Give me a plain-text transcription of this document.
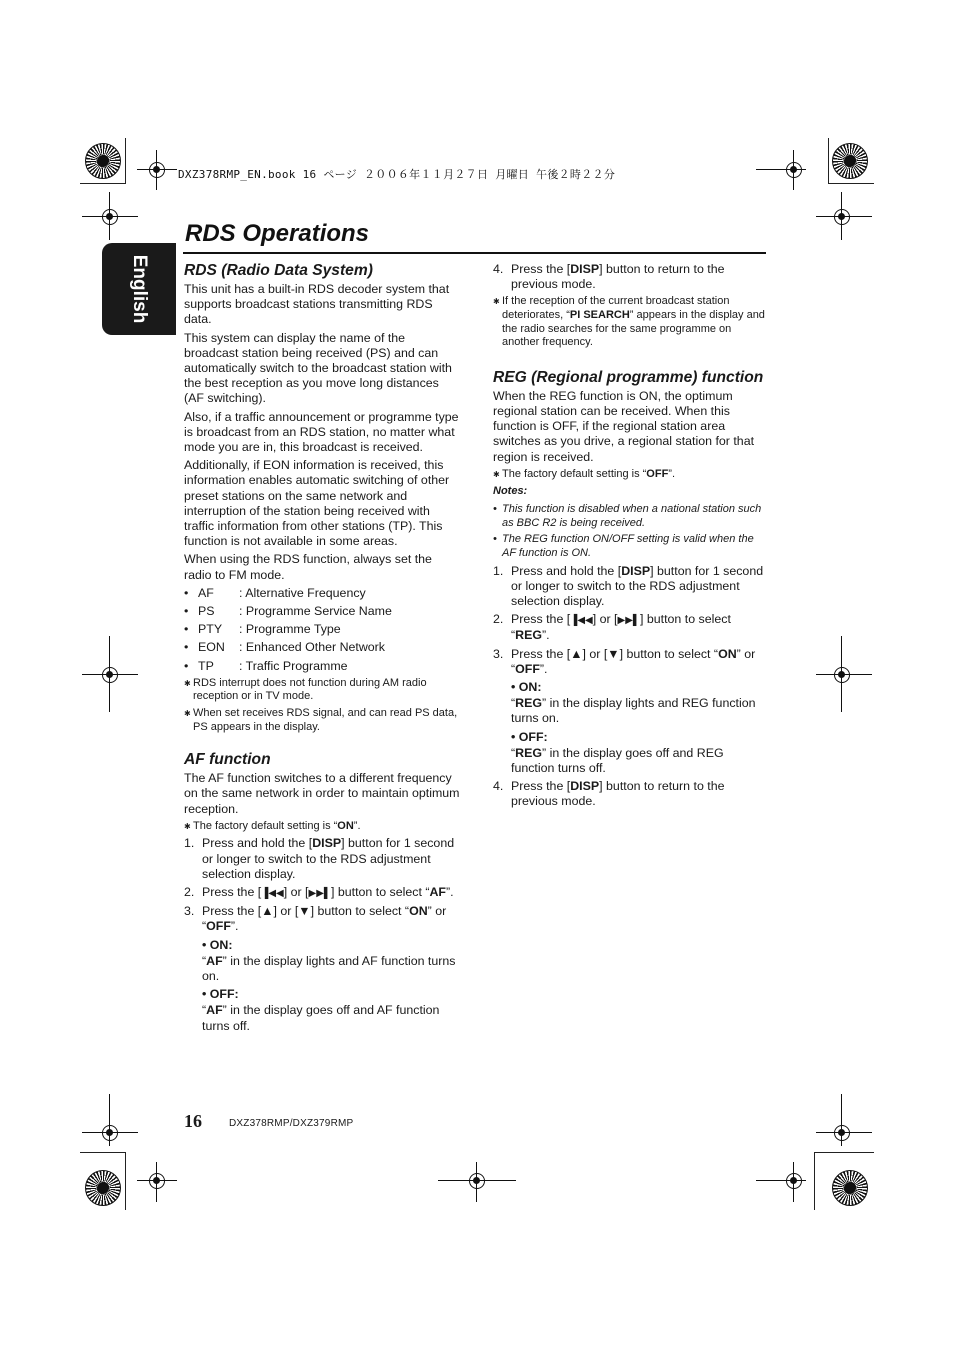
DXZ378RMP_EN.book 16 ページ ２００６年１１月２７日 月曜日 午後２時２２分
English
RDS Operations
RDS (Radio Data System)

This unit has a built-in RDS decoder system that supports broadcast stations transmitting RDS data.

This system can display the name of the broadcast station being received (PS) and can automatically switch to the broadcast station with the best reception as you move long distances (AF switching).

Also, if a traffic announcement or programme type is broadcast from an RDS station, no matter what mode you are in, this broadcast is received.

Additionally, if EON information is received, this information enables automatic switching of other preset stations on the same network and interruption of the station being received with traffic information from other stations (TP). This function is not available in some areas.

When using the RDS function, always set the radio to FM mode.

• AF	: Alternative Frequency
• PS	: Programme Service Name
• PTY	: Programme Type
• EON	: Enhanced Other Network
• TP	: Traffic Programme
✱ RDS interrupt does not function during AM radio reception or in TV mode.
✱ When set receives RDS signal, and can read PS data, PS appears in the display.
AF function

The AF function switches to a different frequency on the same network in order to maintain optimum reception.

✱ The factory default setting is “ON”.
1. Press and hold the [DISP] button for 1 second or longer to switch to the RDS adjustment selection display.
2. Press the [▐◀◀] or [▶▶▌] button to select “AF”.
3. Press the [▲] or [▼] button to select “ON” or “OFF”.
• ON:
“AF” in the display lights and AF function turns on.
• OFF:
“AF” in the display goes off and AF function turns off.
4. Press the [DISP] button to return to the previous mode.
✱ If the reception of the current broadcast station deteriorates, “PI SEARCH” appears in the display and the radio searches for the same programme on another frequency.
REG (Regional programme) function

When the REG function is ON, the optimum regional station can be received. When this function is OFF, if the regional station area switches as you drive, a regional station for that region is received.

✱ The factory default setting is “OFF”.
Notes:
• This function is disabled when a national station such as BBC R2 is being received.
• The REG function ON/OFF setting is valid when the AF function is ON.
1. Press and hold the [DISP] button for 1 second or longer to switch to the RDS adjustment selection display.
2. Press the [▐◀◀] or [▶▶▌] button to select “REG”.
3. Press the [▲] or [▼] button to select “ON” or “OFF”.
• ON:
“REG” in the display lights and REG function turns on.
• OFF:
“REG” in the display goes off and REG function turns off.
4. Press the [DISP] button to return to the previous mode.
16	DXZ378RMP/DXZ379RMP
